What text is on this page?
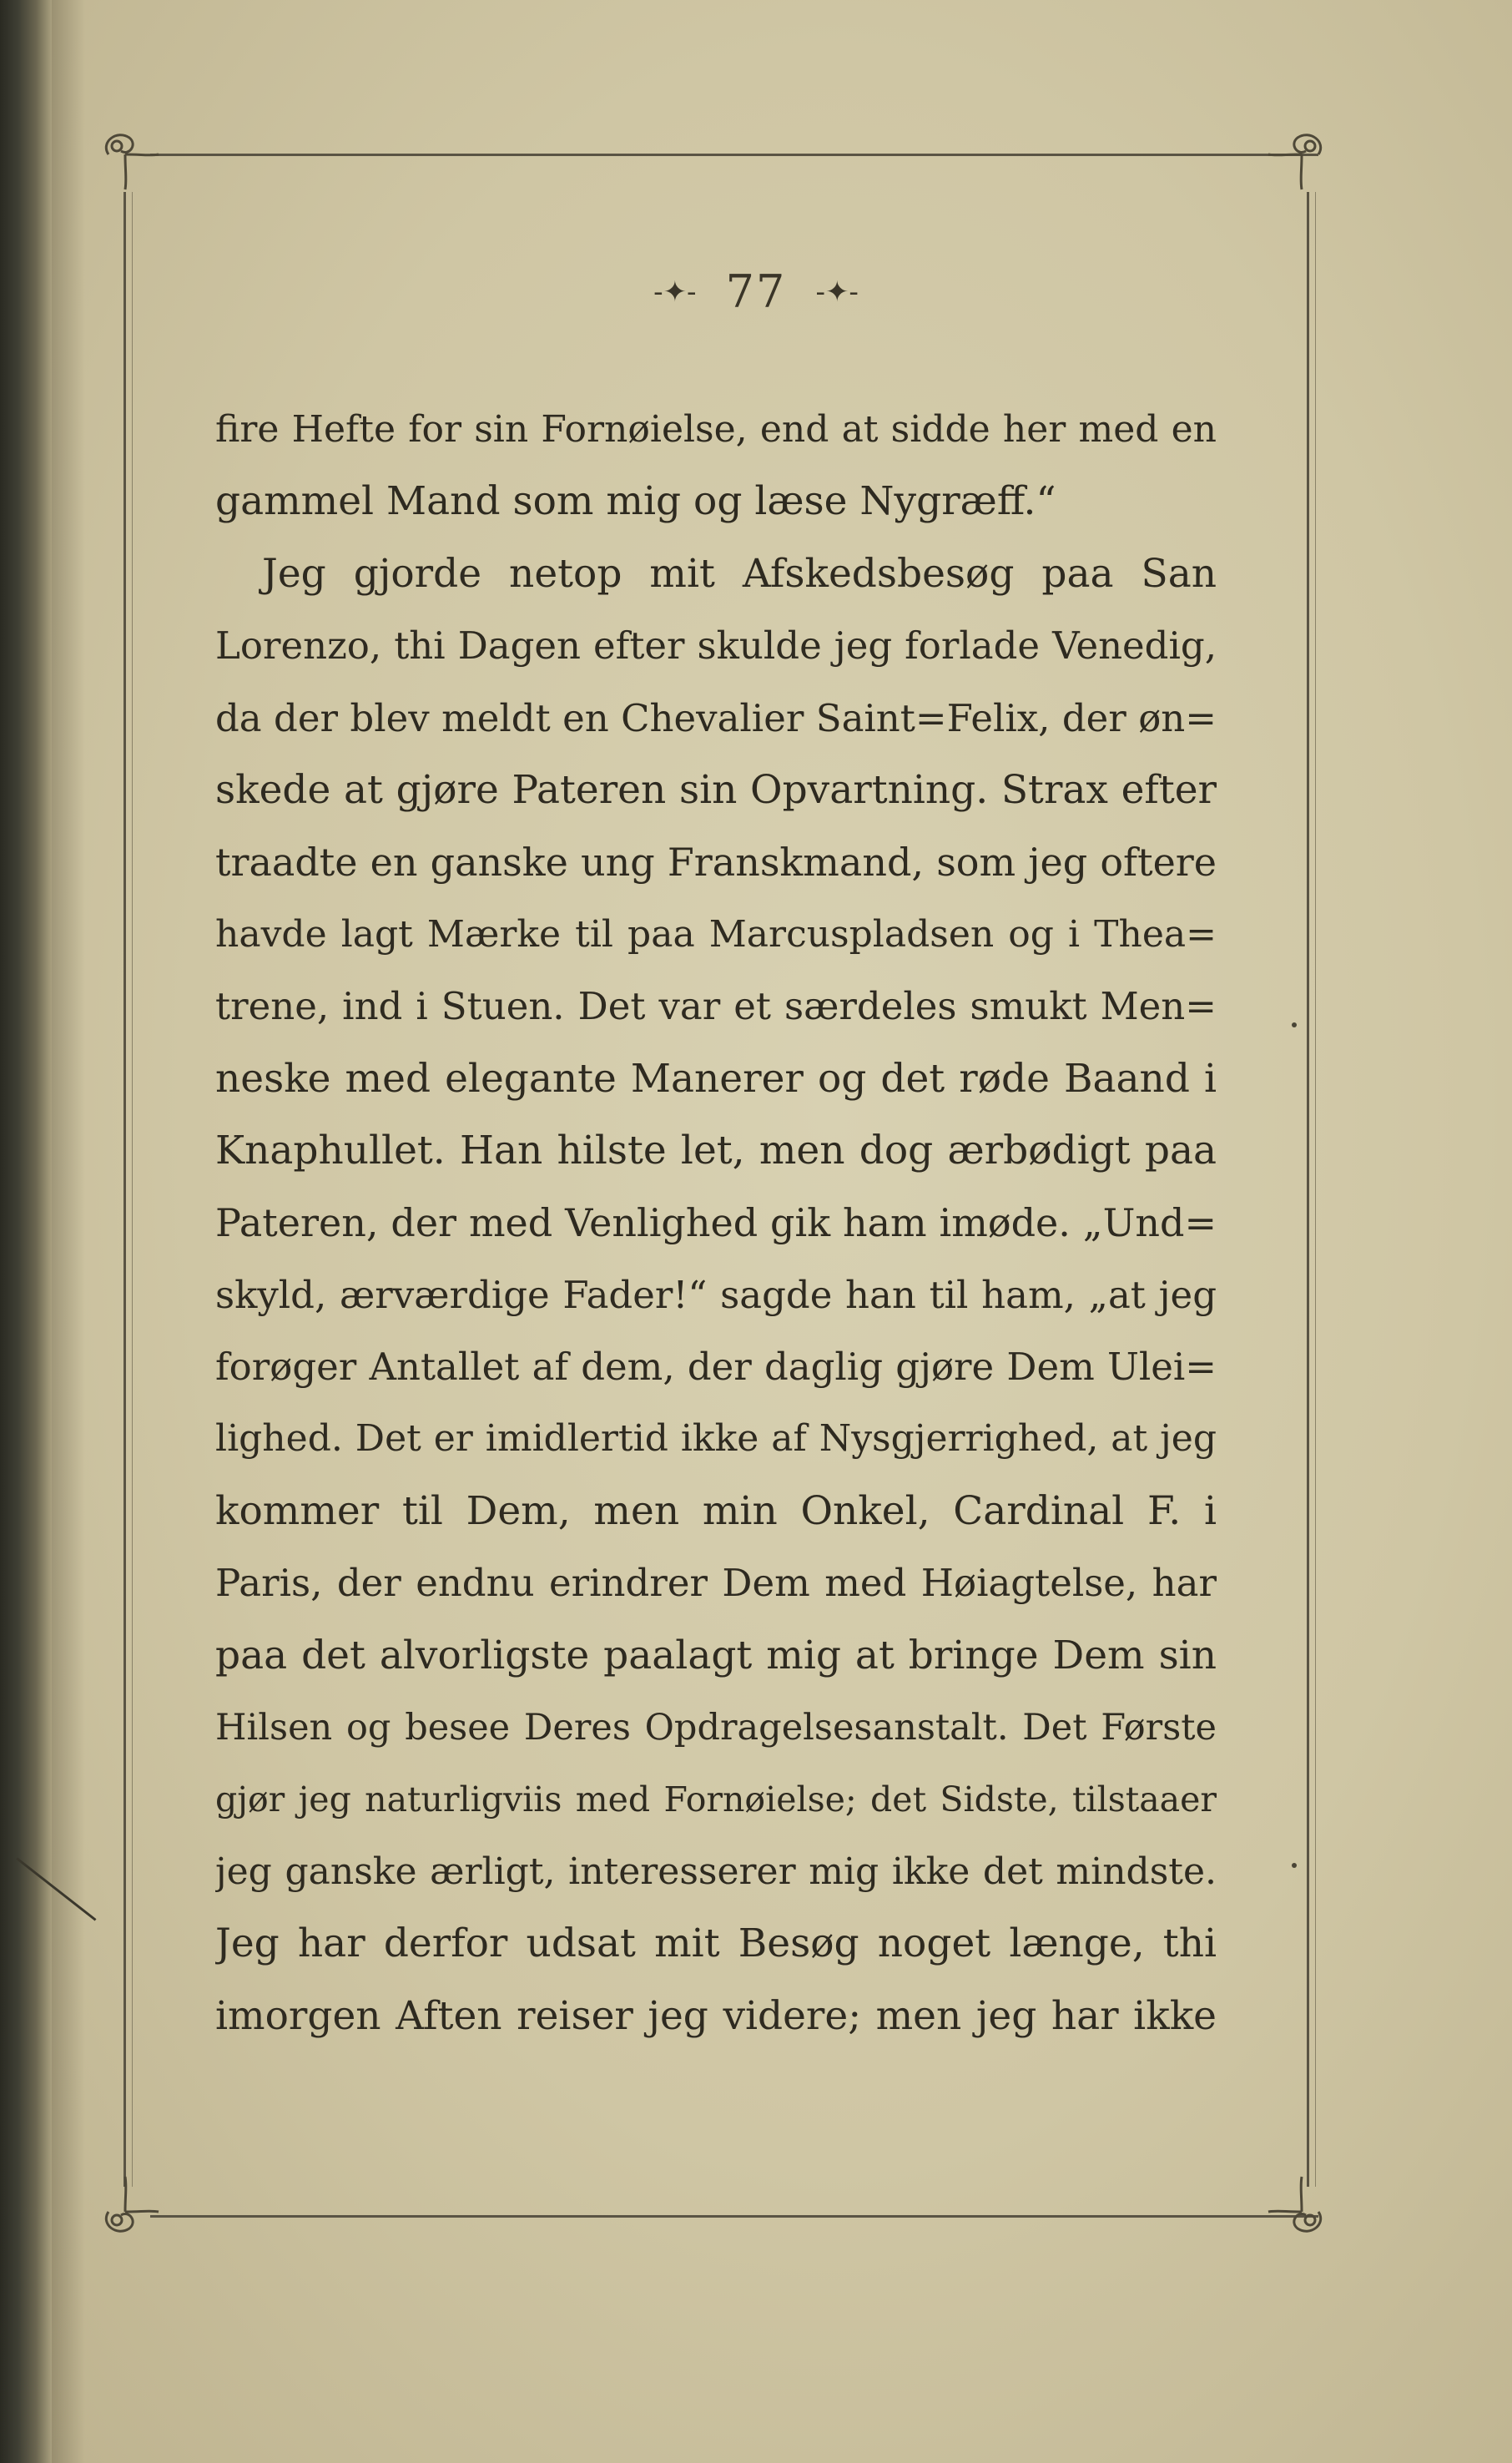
-✦- 77 -✦-
fire Hefte for sin Fornøielse, end at sidde her med en
gammel Mand som mig og læse Nygræff.“
Jeg gjorde netop mit Afskedsbesøg paa San
Lorenzo, thi Dagen efter skulde jeg forlade Venedig,
da der blev meldt en Chevalier Saint=Felix, der øn=
skede at gjøre Pateren sin Opvartning. Strax efter
traadte en ganske ung Franskmand, som jeg oftere
havde lagt Mærke til paa Marcuspladsen og i Thea=
trene, ind i Stuen. Det var et særdeles smukt Men=
neske med elegante Manerer og det røde Baand i
Knaphullet. Han hilste let, men dog ærbødigt paa
Pateren, der med Venlighed gik ham imøde. „Und=
skyld, ærværdige Fader!“ sagde han til ham, „at jeg
forøger Antallet af dem, der daglig gjøre Dem Ulei=
lighed. Det er imidlertid ikke af Nysgjerrighed, at jeg
kommer til Dem, men min Onkel, Cardinal F. i
Paris, der endnu erindrer Dem med Høiagtelse, har
paa det alvorligste paalagt mig at bringe Dem sin
Hilsen og besee Deres Opdragelsesanstalt. Det Første
gjør jeg naturligviis med Fornøielse; det Sidste, tilstaaer
jeg ganske ærligt, interesserer mig ikke det mindste.
Jeg har derfor udsat mit Besøg noget længe, thi
imorgen Aften reiser jeg videre; men jeg har ikke
